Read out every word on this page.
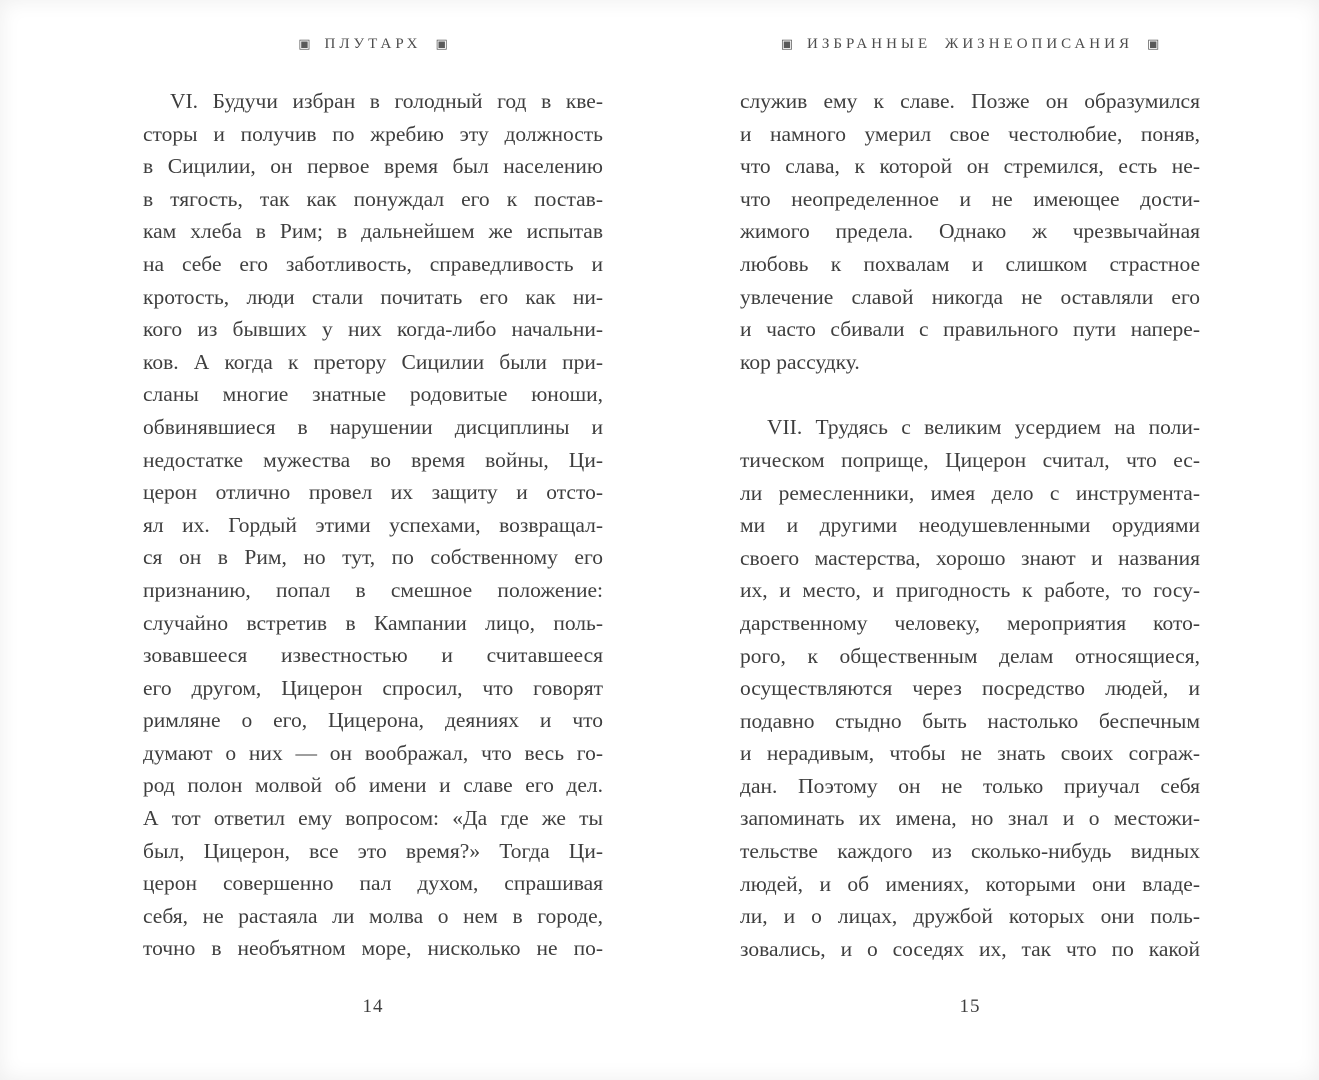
▣ ПЛУТАРХ ▣
VI. Будучи избран в голодный год в кве-
сторы и получив по жребию эту должность
в Сицилии, он первое время был населению
в тягость, так как понуждал его к постав-
кам хлеба в Рим; в дальнейшем же испытав
на себе его заботливость, справедливость и
кротость, люди стали почитать его как ни-
кого из бывших у них когда-либо начальни-
ков. А когда к претору Сицилии были при-
сланы многие знатные родовитые юноши,
обвинявшиеся в нарушении дисциплины и
недостатке мужества во время войны, Ци-
церон отлично провел их защиту и отсто-
ял их. Гордый этими успехами, возвращал-
ся он в Рим, но тут, по собственному его
признанию, попал в смешное положение:
случайно встретив в Кампании лицо, поль-
зовавшееся известностью и считавшееся
его другом, Цицерон спросил, что говорят
римляне о его, Цицерона, деяниях и что
думают о них — он воображал, что весь го-
род полон молвой об имени и славе его дел.
А тот ответил ему вопросом: «Да где же ты
был, Цицерон, все это время?» Тогда Ци-
церон совершенно пал духом, спрашивая
себя, не растаяла ли молва о нем в городе,
точно в необъятном море, нисколько не по-
14
▣ ИЗБРАННЫЕ ЖИЗНЕОПИСАНИЯ ▣
служив ему к славе. Позже он образумился
и намного умерил свое честолюбие, поняв,
что слава, к которой он стремился, есть не-
что неопределенное и не имеющее дости-
жимого предела. Однако ж чрезвычайная
любовь к похвалам и слишком страстное
увлечение славой никогда не оставляли его
и часто сбивали с правильного пути напере-
кор рассудку.
VII. Трудясь с великим усердием на поли-
тическом поприще, Цицерон считал, что ес-
ли ремесленники, имея дело с инструмента-
ми и другими неодушевленными орудиями
своего мастерства, хорошо знают и названия
их, и место, и пригодность к работе, то госу-
дарственному человеку, мероприятия кото-
рого, к общественным делам относящиеся,
осуществляются через посредство людей, и
подавно стыдно быть настолько беспечным
и нерадивым, чтобы не знать своих сограж-
дан. Поэтому он не только приучал себя
запоминать их имена, но знал и о местожи-
тельстве каждого из сколько-нибудь видных
людей, и об имениях, которыми они владе-
ли, и о лицах, дружбой которых они поль-
зовались, и о соседях их, так что по какой
15
